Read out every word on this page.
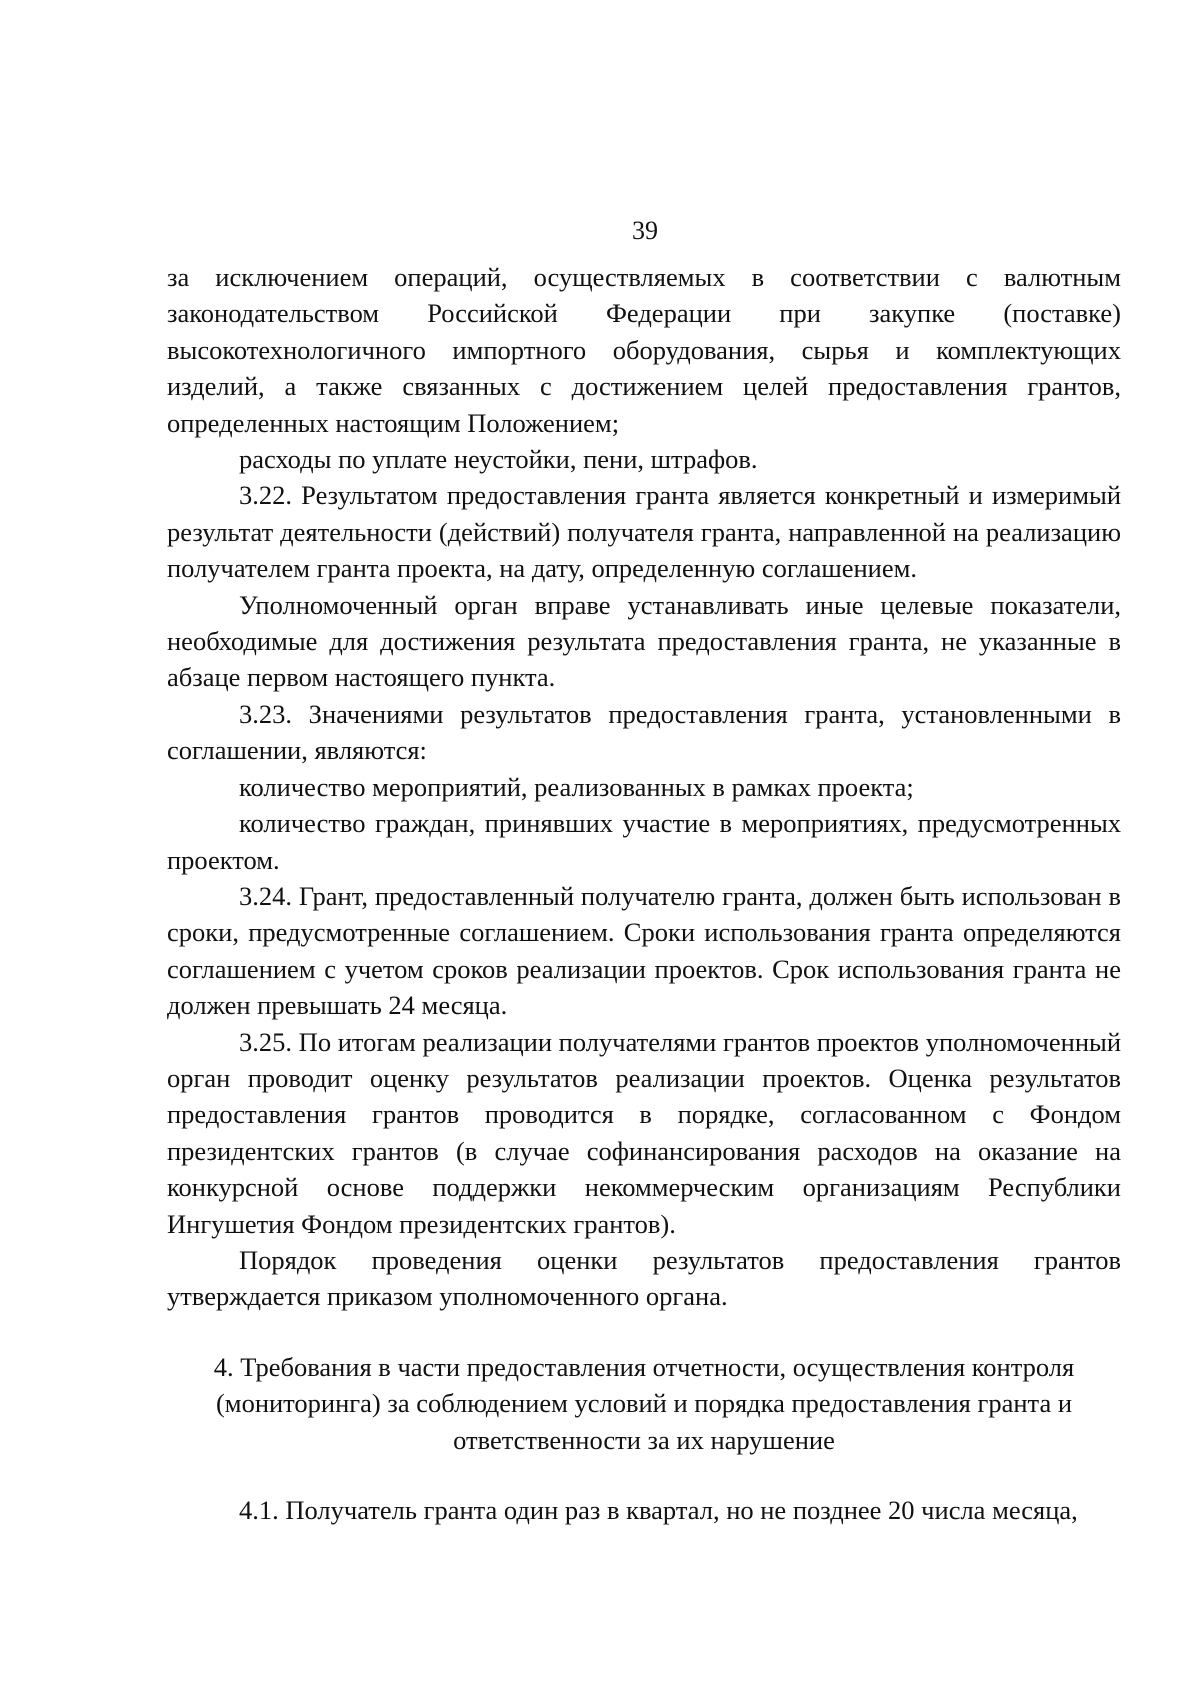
39

за исключением операций, осуществляемых в соответствии с валютным законодательством Российской Федерации при закупке (поставке) высокотехнологичного импортного оборудования, сырья и комплектующих изделий, а также связанных с достижением целей предоставления грантов, определенных настоящим Положением;

расходы по уплате неустойки, пени, штрафов.

3.22. Результатом предоставления гранта является конкретный и измеримый результат деятельности (действий) получателя гранта, направленной на реализацию получателем гранта проекта, на дату, определенную соглашением.

Уполномоченный орган вправе устанавливать иные целевые показатели, необходимые для достижения результата предоставления гранта, не указанные в абзаце первом настоящего пункта.

3.23. Значениями результатов предоставления гранта, установленными в соглашении, являются:

количество мероприятий, реализованных в рамках проекта;

количество граждан, принявших участие в мероприятиях, предусмотренных проектом.

3.24. Грант, предоставленный получателю гранта, должен быть использован в сроки, предусмотренные соглашением. Сроки использования гранта определяются соглашением с учетом сроков реализации проектов. Срок использования гранта не должен превышать 24 месяца.

3.25. По итогам реализации получателями грантов проектов уполномоченный орган проводит оценку результатов реализации проектов. Оценка результатов предоставления грантов проводится в порядке, согласованном с Фондом президентских грантов (в случае софинансирования расходов на оказание на конкурсной основе поддержки некоммерческим организациям Республики Ингушетия Фондом президентских грантов).

Порядок проведения оценки результатов предоставления грантов утверждается приказом уполномоченного органа.

4. Требования в части предоставления отчетности, осуществления контроля (мониторинга) за соблюдением условий и порядка предоставления гранта и ответственности за их нарушение

4.1. Получатель гранта один раз в квартал, но не позднее 20 числа месяца,
